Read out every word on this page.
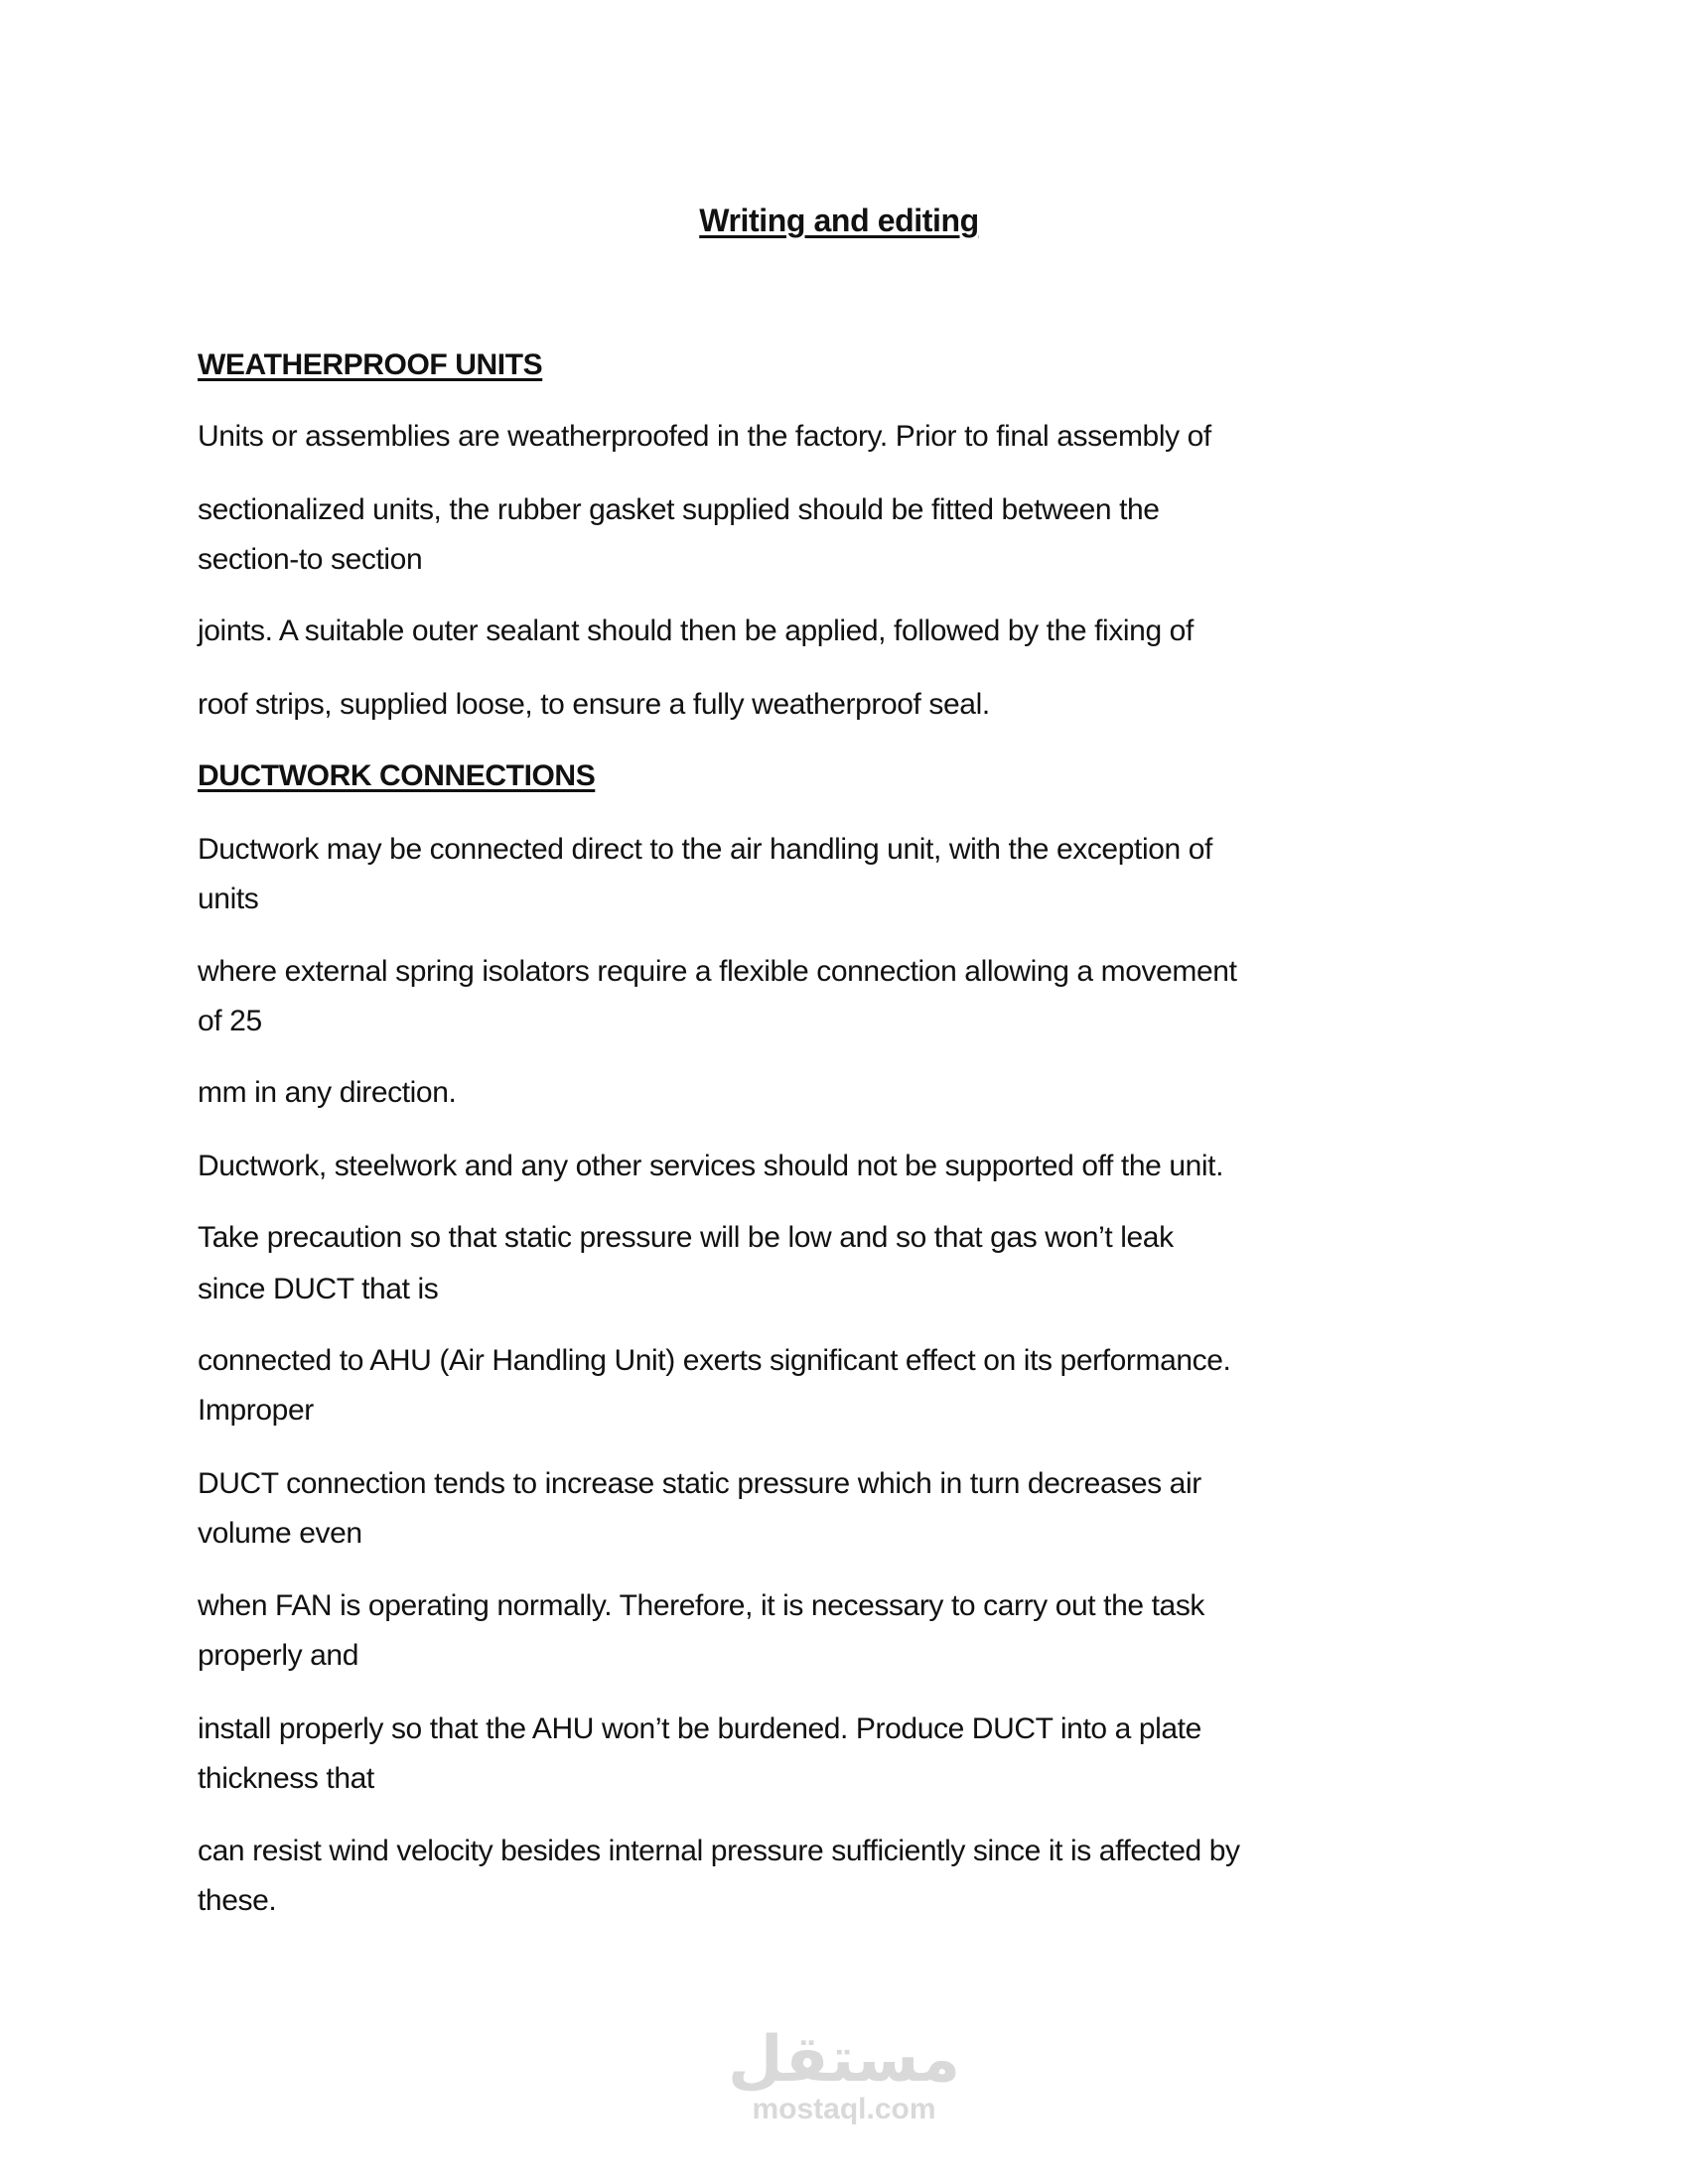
Writing and editing
WEATHERPROOF UNITS
Units or assemblies are weatherproofed in the factory. Prior to final assembly of
sectionalized units, the rubber gasket supplied should be fitted between the
section-to section
joints. A suitable outer sealant should then be applied, followed by the fixing of
roof strips, supplied loose, to ensure a fully weatherproof seal.
DUCTWORK CONNECTIONS
Ductwork may be connected direct to the air handling unit, with the exception of
units
where external spring isolators require a flexible connection allowing a movement
of 25
mm in any direction.
Ductwork, steelwork and any other services should not be supported off the unit.
Take precaution so that static pressure will be low and so that gas won’t leak
since DUCT that is
connected to AHU (Air Handling Unit) exerts significant effect on its performance.
Improper
DUCT connection tends to increase static pressure which in turn decreases air
volume even
when FAN is operating normally. Therefore, it is necessary to carry out the task
properly and
install properly so that the AHU won’t be burdened. Produce DUCT into a plate
thickness that
can resist wind velocity besides internal pressure sufficiently since it is affected by
these.
مستقل
mostaql.com
